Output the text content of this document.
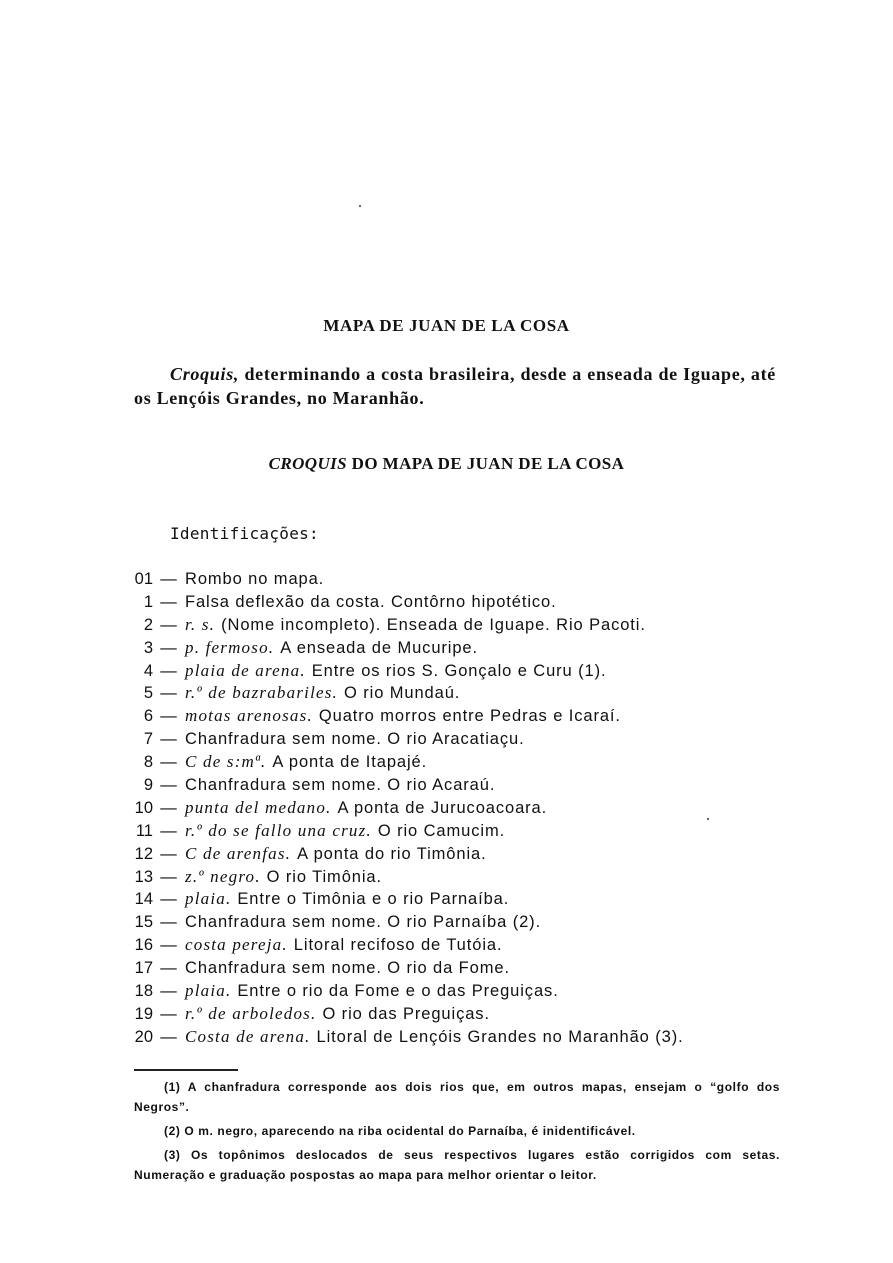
MAPA DE JUAN DE LA COSA

Croquis, determinando a costa brasileira, desde a enseada de Iguape, até os Lençóis Grandes, no Maranhão.

CROQUIS DO MAPA DE JUAN DE LA COSA
Identificações:
01 — Rombo no mapa.
1 — Falsa deflexão da costa. Contôrno hipotético.
2 — r. s. (Nome incompleto). Enseada de Iguape. Rio Pacoti.
3 — p. fermoso. A enseada de Mucuripe.
4 — plaia de arena. Entre os rios S. Gonçalo e Curu (1).
5 — r.º de bazrabariles. O rio Mundaú.
6 — motas arenosas. Quatro morros entre Pedras e Icaraí.
7 — Chanfradura sem nome. O rio Aracatiaçu.
8 — C de s:mª. A ponta de Itapajé.
9 — Chanfradura sem nome. O rio Acaraú.
10 — punta del medano. A ponta de Jurucoacoara.
11 — r.º do se fallo una cruz. O rio Camucim.
12 — C de arenfas. A ponta do rio Timônia.
13 — z.º negro. O rio Timônia.
14 — plaia. Entre o Timônia e o rio Parnaíba.
15 — Chanfradura sem nome. O rio Parnaíba (2).
16 — costa pereja. Litoral recifoso de Tutóia.
17 — Chanfradura sem nome. O rio da Fome.
18 — plaia. Entre o rio da Fome e o das Preguiças.
19 — r.º de arboledos. O rio das Preguiças.
20 — Costa de arena. Litoral de Lençóis Grandes no Maranhão (3).

(1) A chanfradura corresponde aos dois rios que, em outros mapas, ensejam o “golfo dos Negros”.

(2) O m. negro, aparecendo na riba ocidental do Parnaíba, é inidentificável.

(3) Os topônimos deslocados de seus respectivos lugares estão corrigidos com setas. Numeração e graduação pospostas ao mapa para melhor orientar o leitor.
